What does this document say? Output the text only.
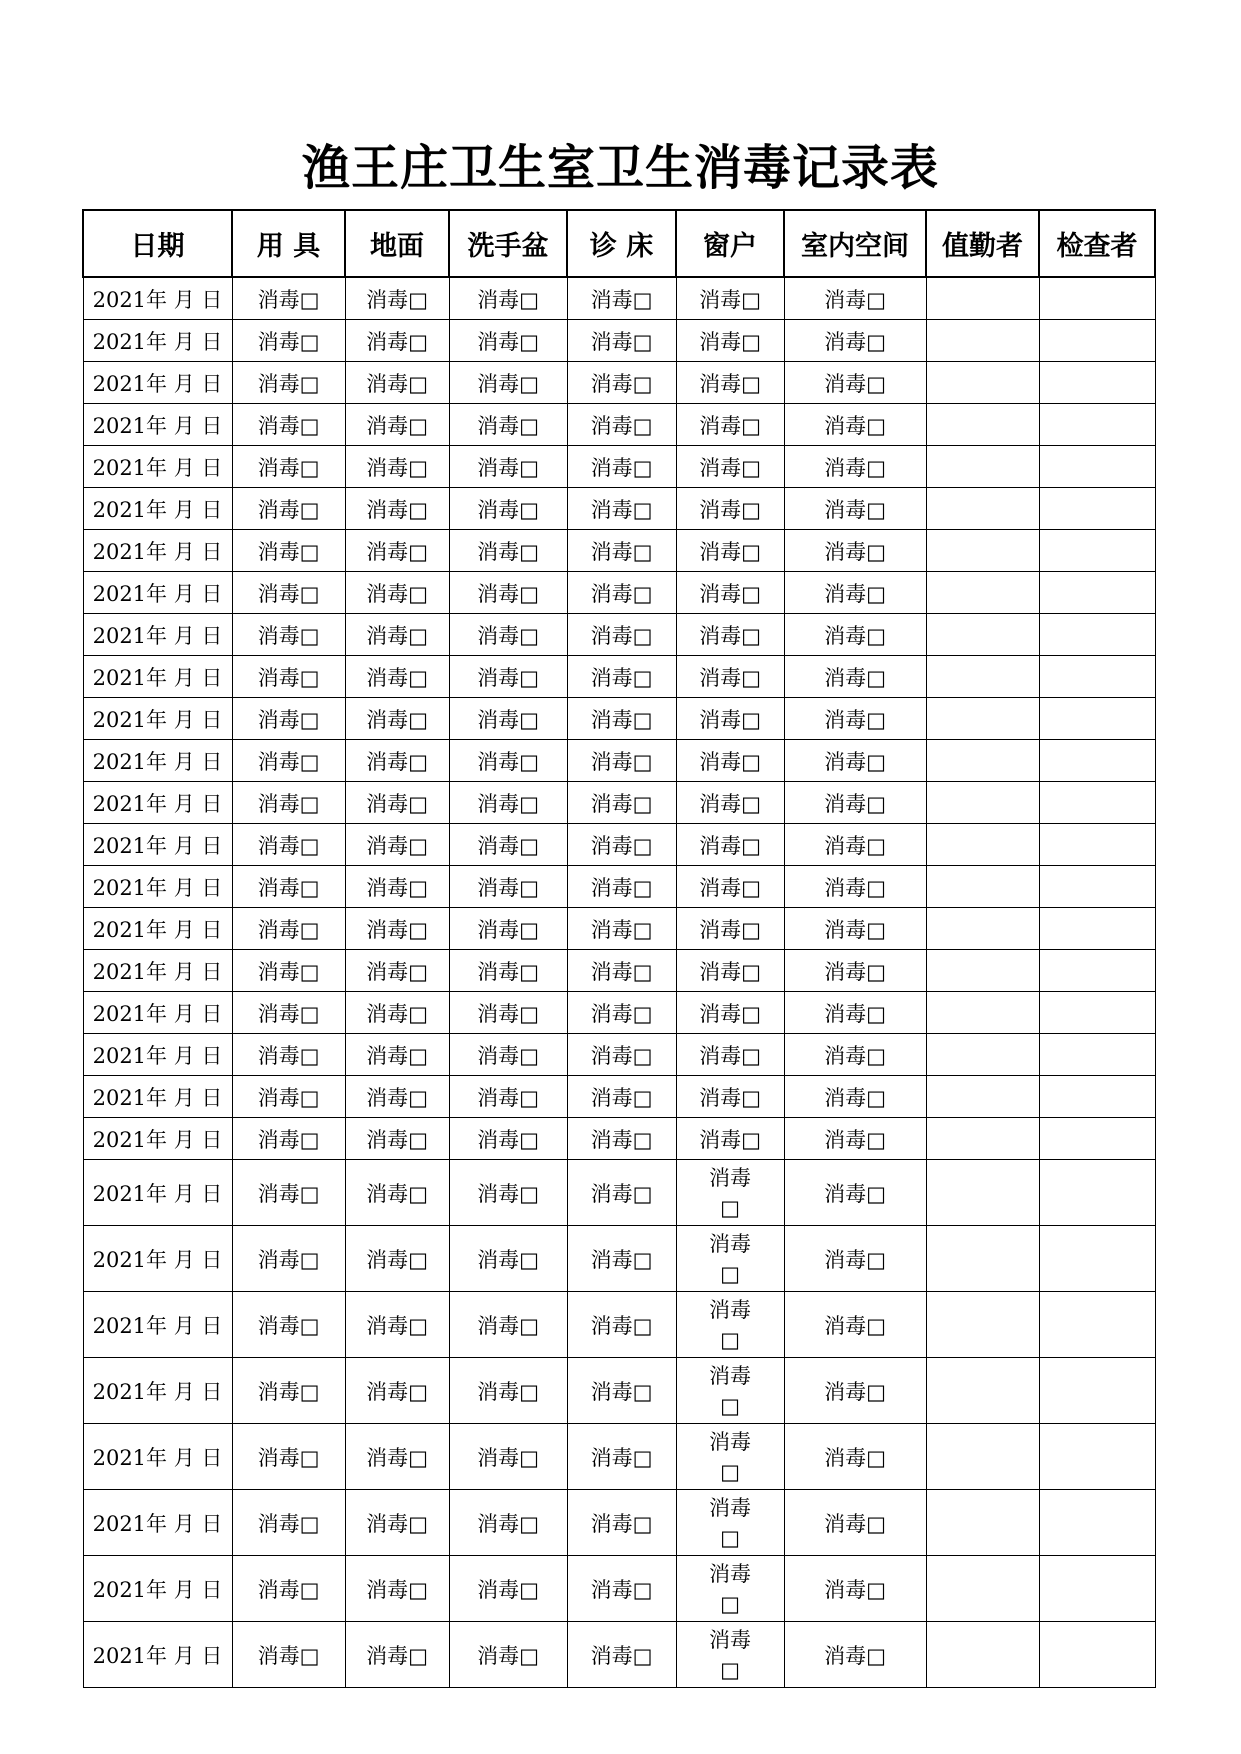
渔王庄卫生室卫生消毒记录表
日期	用 具	地面	洗手盆	诊 床	窗户	室内空间	值勤者	检查者
2021年 月 日	消毒□	消毒□	消毒□	消毒□	消毒□	消毒□		
2021年 月 日	消毒□	消毒□	消毒□	消毒□	消毒□	消毒□		
2021年 月 日	消毒□	消毒□	消毒□	消毒□	消毒□	消毒□		
2021年 月 日	消毒□	消毒□	消毒□	消毒□	消毒□	消毒□		
2021年 月 日	消毒□	消毒□	消毒□	消毒□	消毒□	消毒□		
2021年 月 日	消毒□	消毒□	消毒□	消毒□	消毒□	消毒□		
2021年 月 日	消毒□	消毒□	消毒□	消毒□	消毒□	消毒□		
2021年 月 日	消毒□	消毒□	消毒□	消毒□	消毒□	消毒□		
2021年 月 日	消毒□	消毒□	消毒□	消毒□	消毒□	消毒□		
2021年 月 日	消毒□	消毒□	消毒□	消毒□	消毒□	消毒□		
2021年 月 日	消毒□	消毒□	消毒□	消毒□	消毒□	消毒□		
2021年 月 日	消毒□	消毒□	消毒□	消毒□	消毒□	消毒□		
2021年 月 日	消毒□	消毒□	消毒□	消毒□	消毒□	消毒□		
2021年 月 日	消毒□	消毒□	消毒□	消毒□	消毒□	消毒□		
2021年 月 日	消毒□	消毒□	消毒□	消毒□	消毒□	消毒□		
2021年 月 日	消毒□	消毒□	消毒□	消毒□	消毒□	消毒□		
2021年 月 日	消毒□	消毒□	消毒□	消毒□	消毒□	消毒□		
2021年 月 日	消毒□	消毒□	消毒□	消毒□	消毒□	消毒□		
2021年 月 日	消毒□	消毒□	消毒□	消毒□	消毒□	消毒□		
2021年 月 日	消毒□	消毒□	消毒□	消毒□	消毒□	消毒□		
2021年 月 日	消毒□	消毒□	消毒□	消毒□	消毒□	消毒□		
2021年 月 日	消毒□	消毒□	消毒□	消毒□	消毒□	消毒□		
2021年 月 日	消毒□	消毒□	消毒□	消毒□	消毒□	消毒□		
2021年 月 日	消毒□	消毒□	消毒□	消毒□	消毒□	消毒□		
2021年 月 日	消毒□	消毒□	消毒□	消毒□	消毒□	消毒□		
2021年 月 日	消毒□	消毒□	消毒□	消毒□	消毒□	消毒□		
2021年 月 日	消毒□	消毒□	消毒□	消毒□	消毒□	消毒□		
2021年 月 日	消毒□	消毒□	消毒□	消毒□	消毒□	消毒□		
2021年 月 日	消毒□	消毒□	消毒□	消毒□	消毒□	消毒□		
